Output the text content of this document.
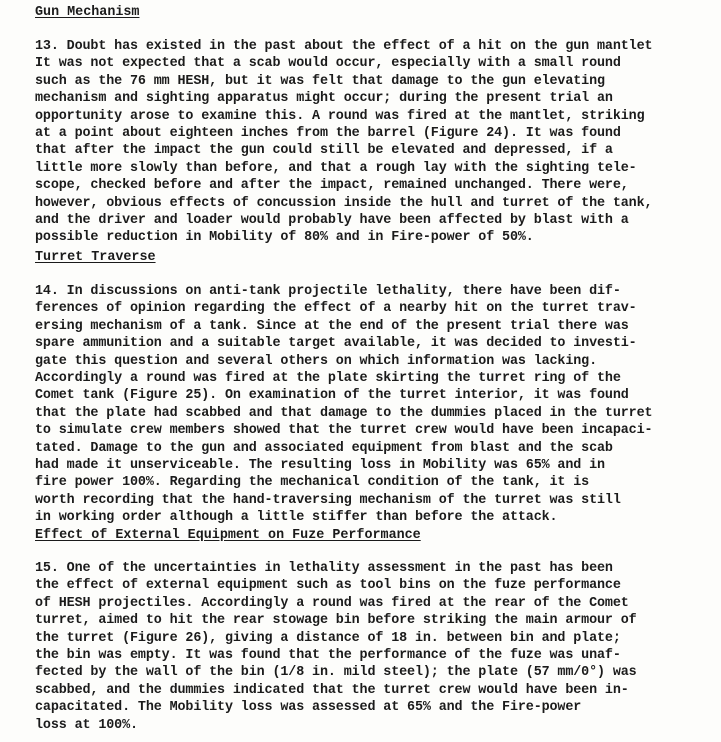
Gun Mechanism
13. Doubt has existed in the past about the effect of a hit on the gun mantlet
It was not expected that a scab would occur, especially with a small round
such as the 76 mm HESH, but it was felt that damage to the gun elevating
mechanism and sighting apparatus might occur; during the present trial an
opportunity arose to examine this. A round was fired at the mantlet, striking
at a point about eighteen inches from the barrel (Figure 24). It was found
that after the impact the gun could still be elevated and depressed, if a
little more slowly than before, and that a rough lay with the sighting tele-
scope, checked before and after the impact, remained unchanged. There were,
however, obvious effects of concussion inside the hull and turret of the tank,
and the driver and loader would probably have been affected by blast with a
possible reduction in Mobility of 80% and in Fire-power of 50%.
Turret Traverse
14. In discussions on anti-tank projectile lethality, there have been dif-
ferences of opinion regarding the effect of a nearby hit on the turret trav-
ersing mechanism of a tank. Since at the end of the present trial there was
spare ammunition and a suitable target available, it was decided to investi-
gate this question and several others on which information was lacking.
Accordingly a round was fired at the plate skirting the turret ring of the
Comet tank (Figure 25). On examination of the turret interior, it was found
that the plate had scabbed and that damage to the dummies placed in the turret
to simulate crew members showed that the turret crew would have been incapaci-
tated. Damage to the gun and associated equipment from blast and the scab
had made it unserviceable. The resulting loss in Mobility was 65% and in
fire power 100%. Regarding the mechanical condition of the tank, it is
worth recording that the hand-traversing mechanism of the turret was still
in working order although a little stiffer than before the attack.
Effect of External Equipment on Fuze Performance
15. One of the uncertainties in lethality assessment in the past has been
the effect of external equipment such as tool bins on the fuze performance
of HESH projectiles. Accordingly a round was fired at the rear of the Comet
turret, aimed to hit the rear stowage bin before striking the main armour of
the turret (Figure 26), giving a distance of 18 in. between bin and plate;
the bin was empty. It was found that the performance of the fuze was unaf-
fected by the wall of the bin (1/8 in. mild steel); the plate (57 mm/0°) was
scabbed, and the dummies indicated that the turret crew would have been in-
capacitated. The Mobility loss was assessed at 65% and the Fire-power
loss at 100%.
